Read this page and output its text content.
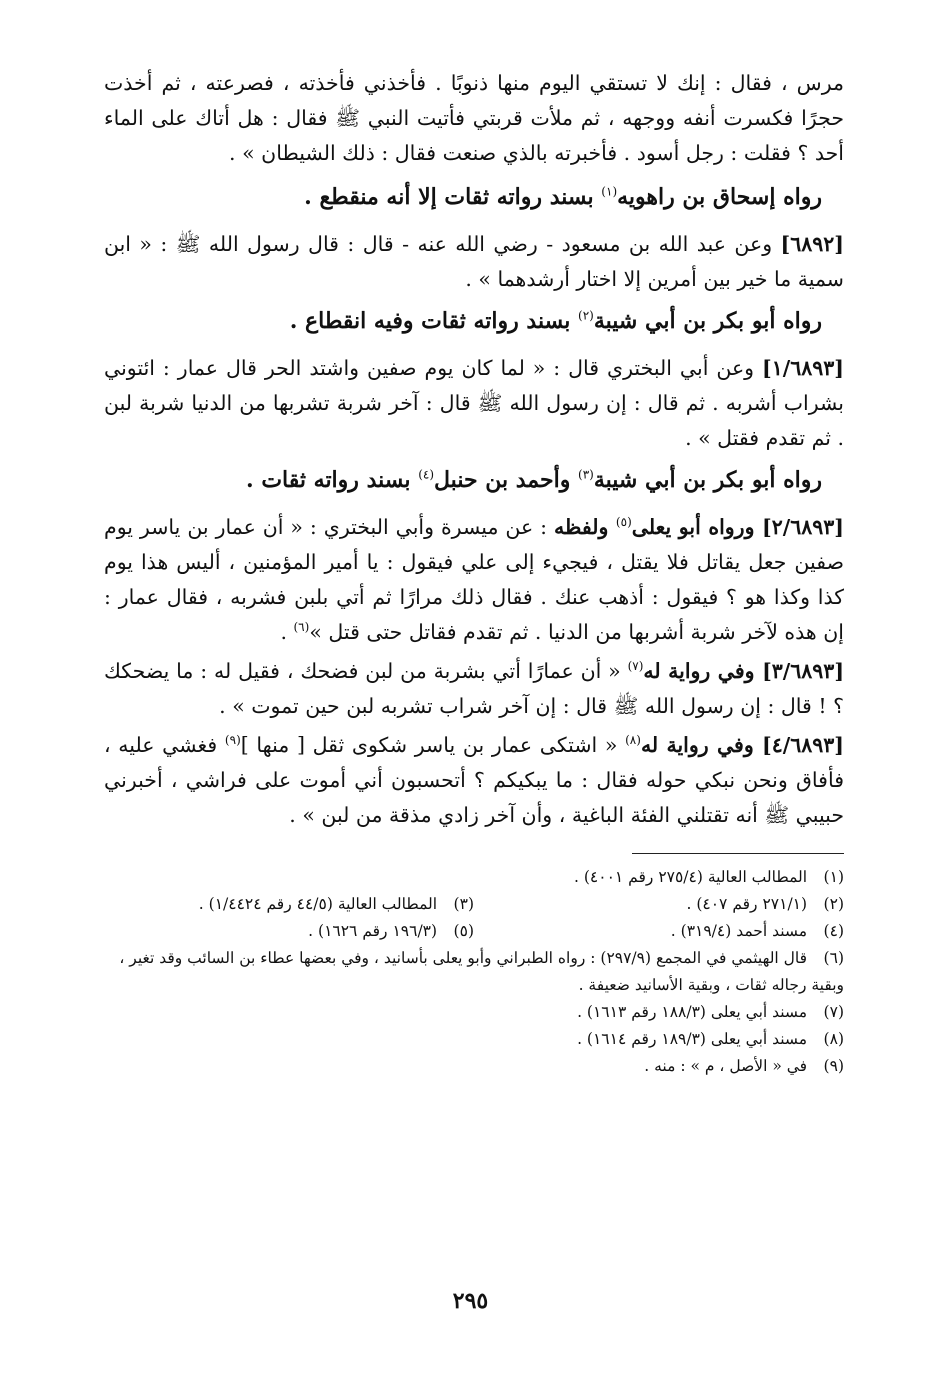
مرس ، فقال : إنك لا تستقي اليوم منها ذنوبًا . فأخذني فأخذته ، فصرعته ، ثم أخذت حجرًا فكسرت أنفه ووجهه ، ثم ملأت قربتي فأتيت النبي ﷺ فقال : هل أتاك على الماء أحد ؟ فقلت : رجل أسود . فأخبرته بالذي صنعت فقال : ذلك الشيطان » .

رواه إسحاق بن راهويه$^{(١)}$ بسند رواته ثقات إلا أنه منقطع .

[٦٨٩٢] وعن عبد الله بن مسعود - رضي الله عنه - قال : قال رسول الله ﷺ : « ابن سمية ما خير بين أمرين إلا اختار أرشدهما » .

رواه أبو بكر بن أبي شيبة$^{(٢)}$ بسند رواته ثقات وفيه انقطاع .

[١/٦٨٩٣] وعن أبي البختري قال : « لما كان يوم صفين واشتد الحر قال عمار : ائتوني بشراب أشربه . ثم قال : إن رسول الله ﷺ قال : آخر شربة تشربها من الدنيا شربة لبن . ثم تقدم فقتل » .

رواه أبو بكر بن أبي شيبة$^{(٣)}$ وأحمد بن حنبل$^{(٤)}$ بسند رواته ثقات .

[٢/٦٨٩٣] ورواه أبو يعلى$^{(٥)}$ ولفظه : عن ميسرة وأبي البختري : « أن عمار بن ياسر يوم صفين جعل يقاتل فلا يقتل ، فيجيء إلى علي فيقول : يا أمير المؤمنين ، أليس هذا يوم كذا وكذا هو ؟ فيقول : أذهب عنك . فقال ذلك مرارًا ثم أتي بلبن فشربه ، فقال عمار : إن هذه لآخر شربة أشربها من الدنيا . ثم تقدم فقاتل حتى قتل »$^{(٦)}$ .

[٣/٦٨٩٣] وفي رواية له$^{(٧)}$ « أن عمارًا أتي بشربة من لبن فضحك ، فقيل له : ما يضحكك ؟ ! قال : إن رسول الله ﷺ قال : إن آخر شراب تشربه لبن حين تموت » .

[٤/٦٨٩٣] وفي رواية له$^{(٨)}$ « اشتكى عمار بن ياسر شكوى ثقل [ منها ]$^{(٩)}$ فغشي عليه ، فأفاق ونحن نبكي حوله فقال : ما يبكيكم ؟ أتحسبون أني أموت على فراشي ، أخبرني حبيبي ﷺ أنه تقتلني الفئة الباغية ، وأن آخر زادي مذقة من لبن » .

(١) المطالب العالية (٢٧٥/٤ رقم ٤٠٠١) .
(٢) (٢٧١/١ رقم ٤٠٧) .
(٣) المطالب العالية (٤٤/٥ رقم ١/٤٤٢٤) .
(٤) مسند أحمد (٣١٩/٤) .
(٥) (١٩٦/٣ رقم ١٦٢٦) .
(٦) قال الهيثمي في المجمع (٢٩٧/٩) : رواه الطبراني وأبو يعلى بأسانيد ، وفي بعضها عطاء بن السائب وقد تغير ، وبقية رجاله ثقات ، وبقية الأسانيد ضعيفة .
(٧) مسند أبي يعلى (١٨٨/٣ رقم ١٦١٣) .
(٨) مسند أبي يعلى (١٨٩/٣ رقم ١٦١٤) .
(٩) في « الأصل ، م » : منه .
٢٩٥
